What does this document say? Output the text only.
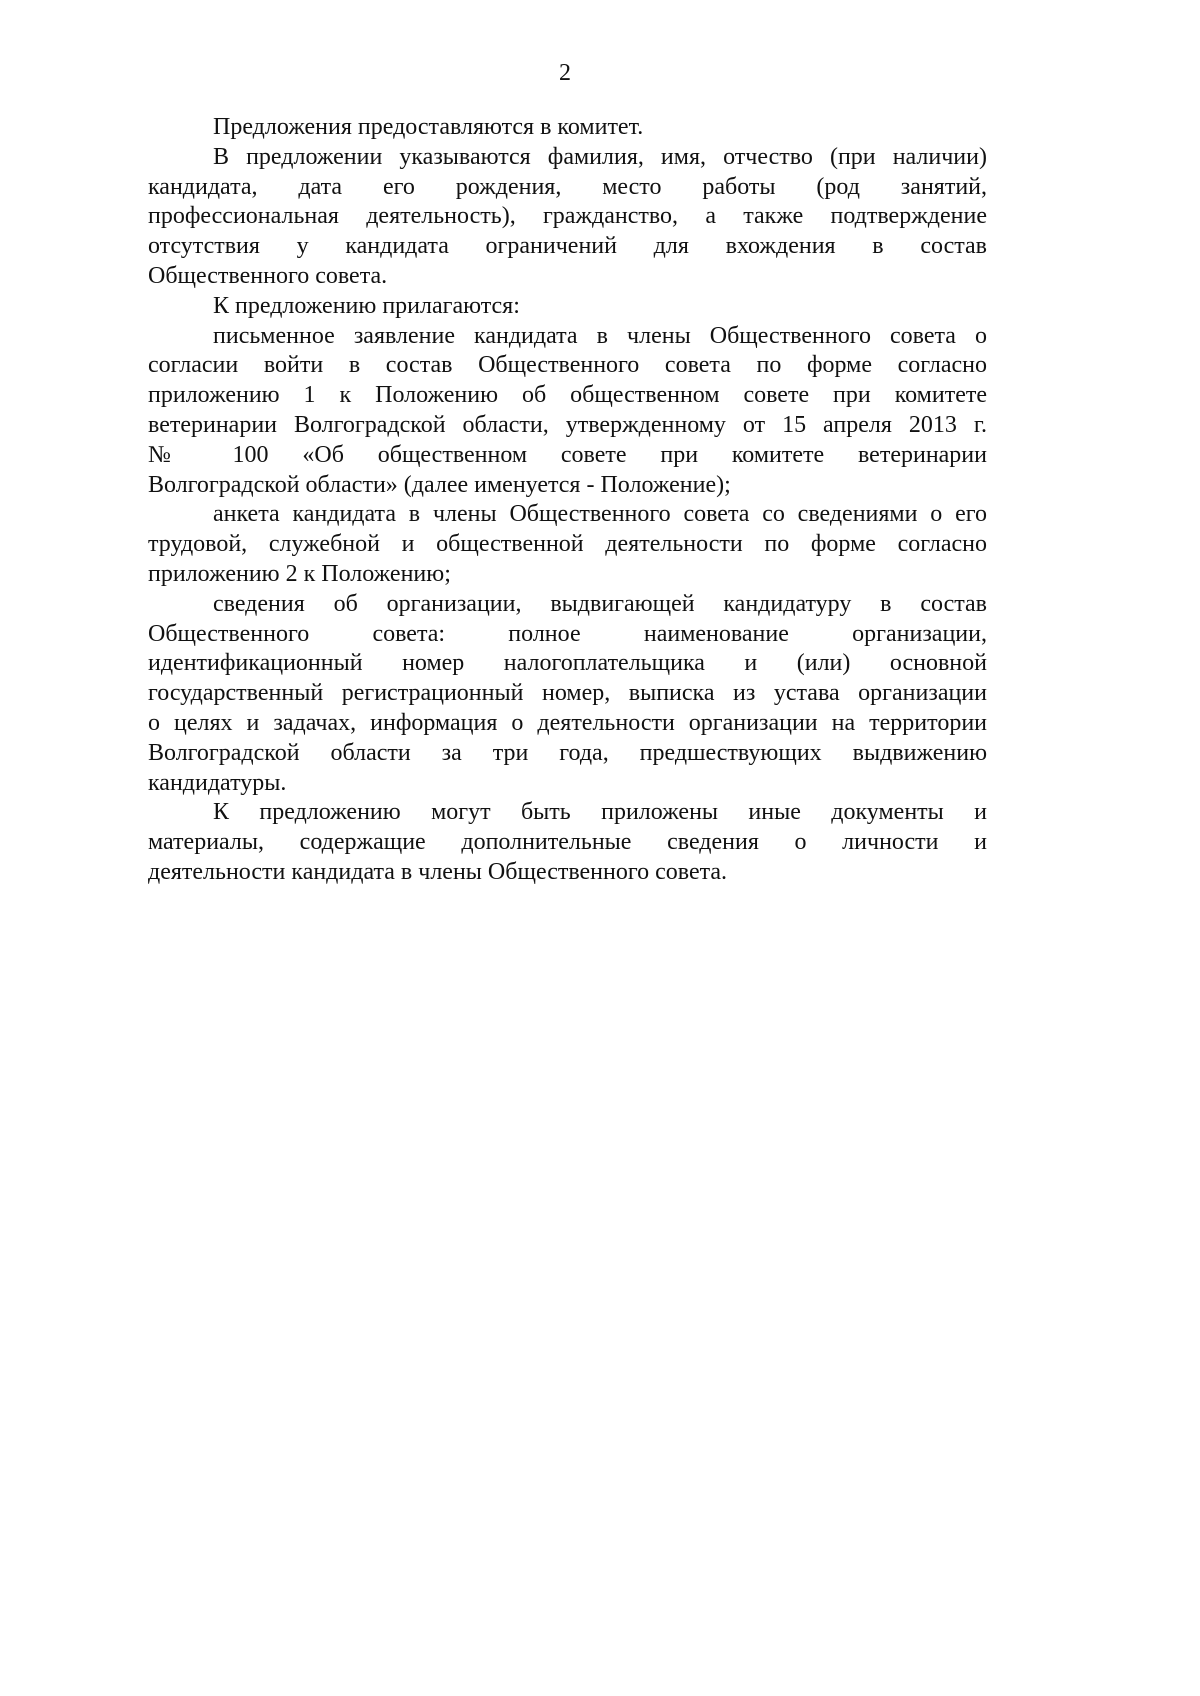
2
Предложения предоставляются в комитет.
В предложении указываются фамилия, имя, отчество (при наличии)
кандидата, дата его рождения, место работы (род занятий,
профессиональная деятельность), гражданство, а также подтверждение
отсутствия у кандидата ограничений для вхождения в состав
Общественного совета.
К предложению прилагаются:
письменное заявление кандидата в члены Общественного совета о
согласии войти в состав Общественного совета по форме согласно
приложению 1 к Положению об общественном совете при комитете
ветеринарии Волгоградской области, утвержденному от 15 апреля 2013 г.
№ 100 «Об общественном совете при комитете ветеринарии
Волгоградской области» (далее именуется - Положение);
анкета кандидата в члены Общественного совета со сведениями о его
трудовой, служебной и общественной деятельности по форме согласно
приложению 2 к Положению;
сведения об организации, выдвигающей кандидатуру в состав
Общественного совета: полное наименование организации,
идентификационный номер налогоплательщика и (или) основной
государственный регистрационный номер, выписка из устава организации
о целях и задачах, информация о деятельности организации на территории
Волгоградской области за три года, предшествующих выдвижению
кандидатуры.
К предложению могут быть приложены иные документы и
материалы, содержащие дополнительные сведения о личности и
деятельности кандидата в члены Общественного совета.
